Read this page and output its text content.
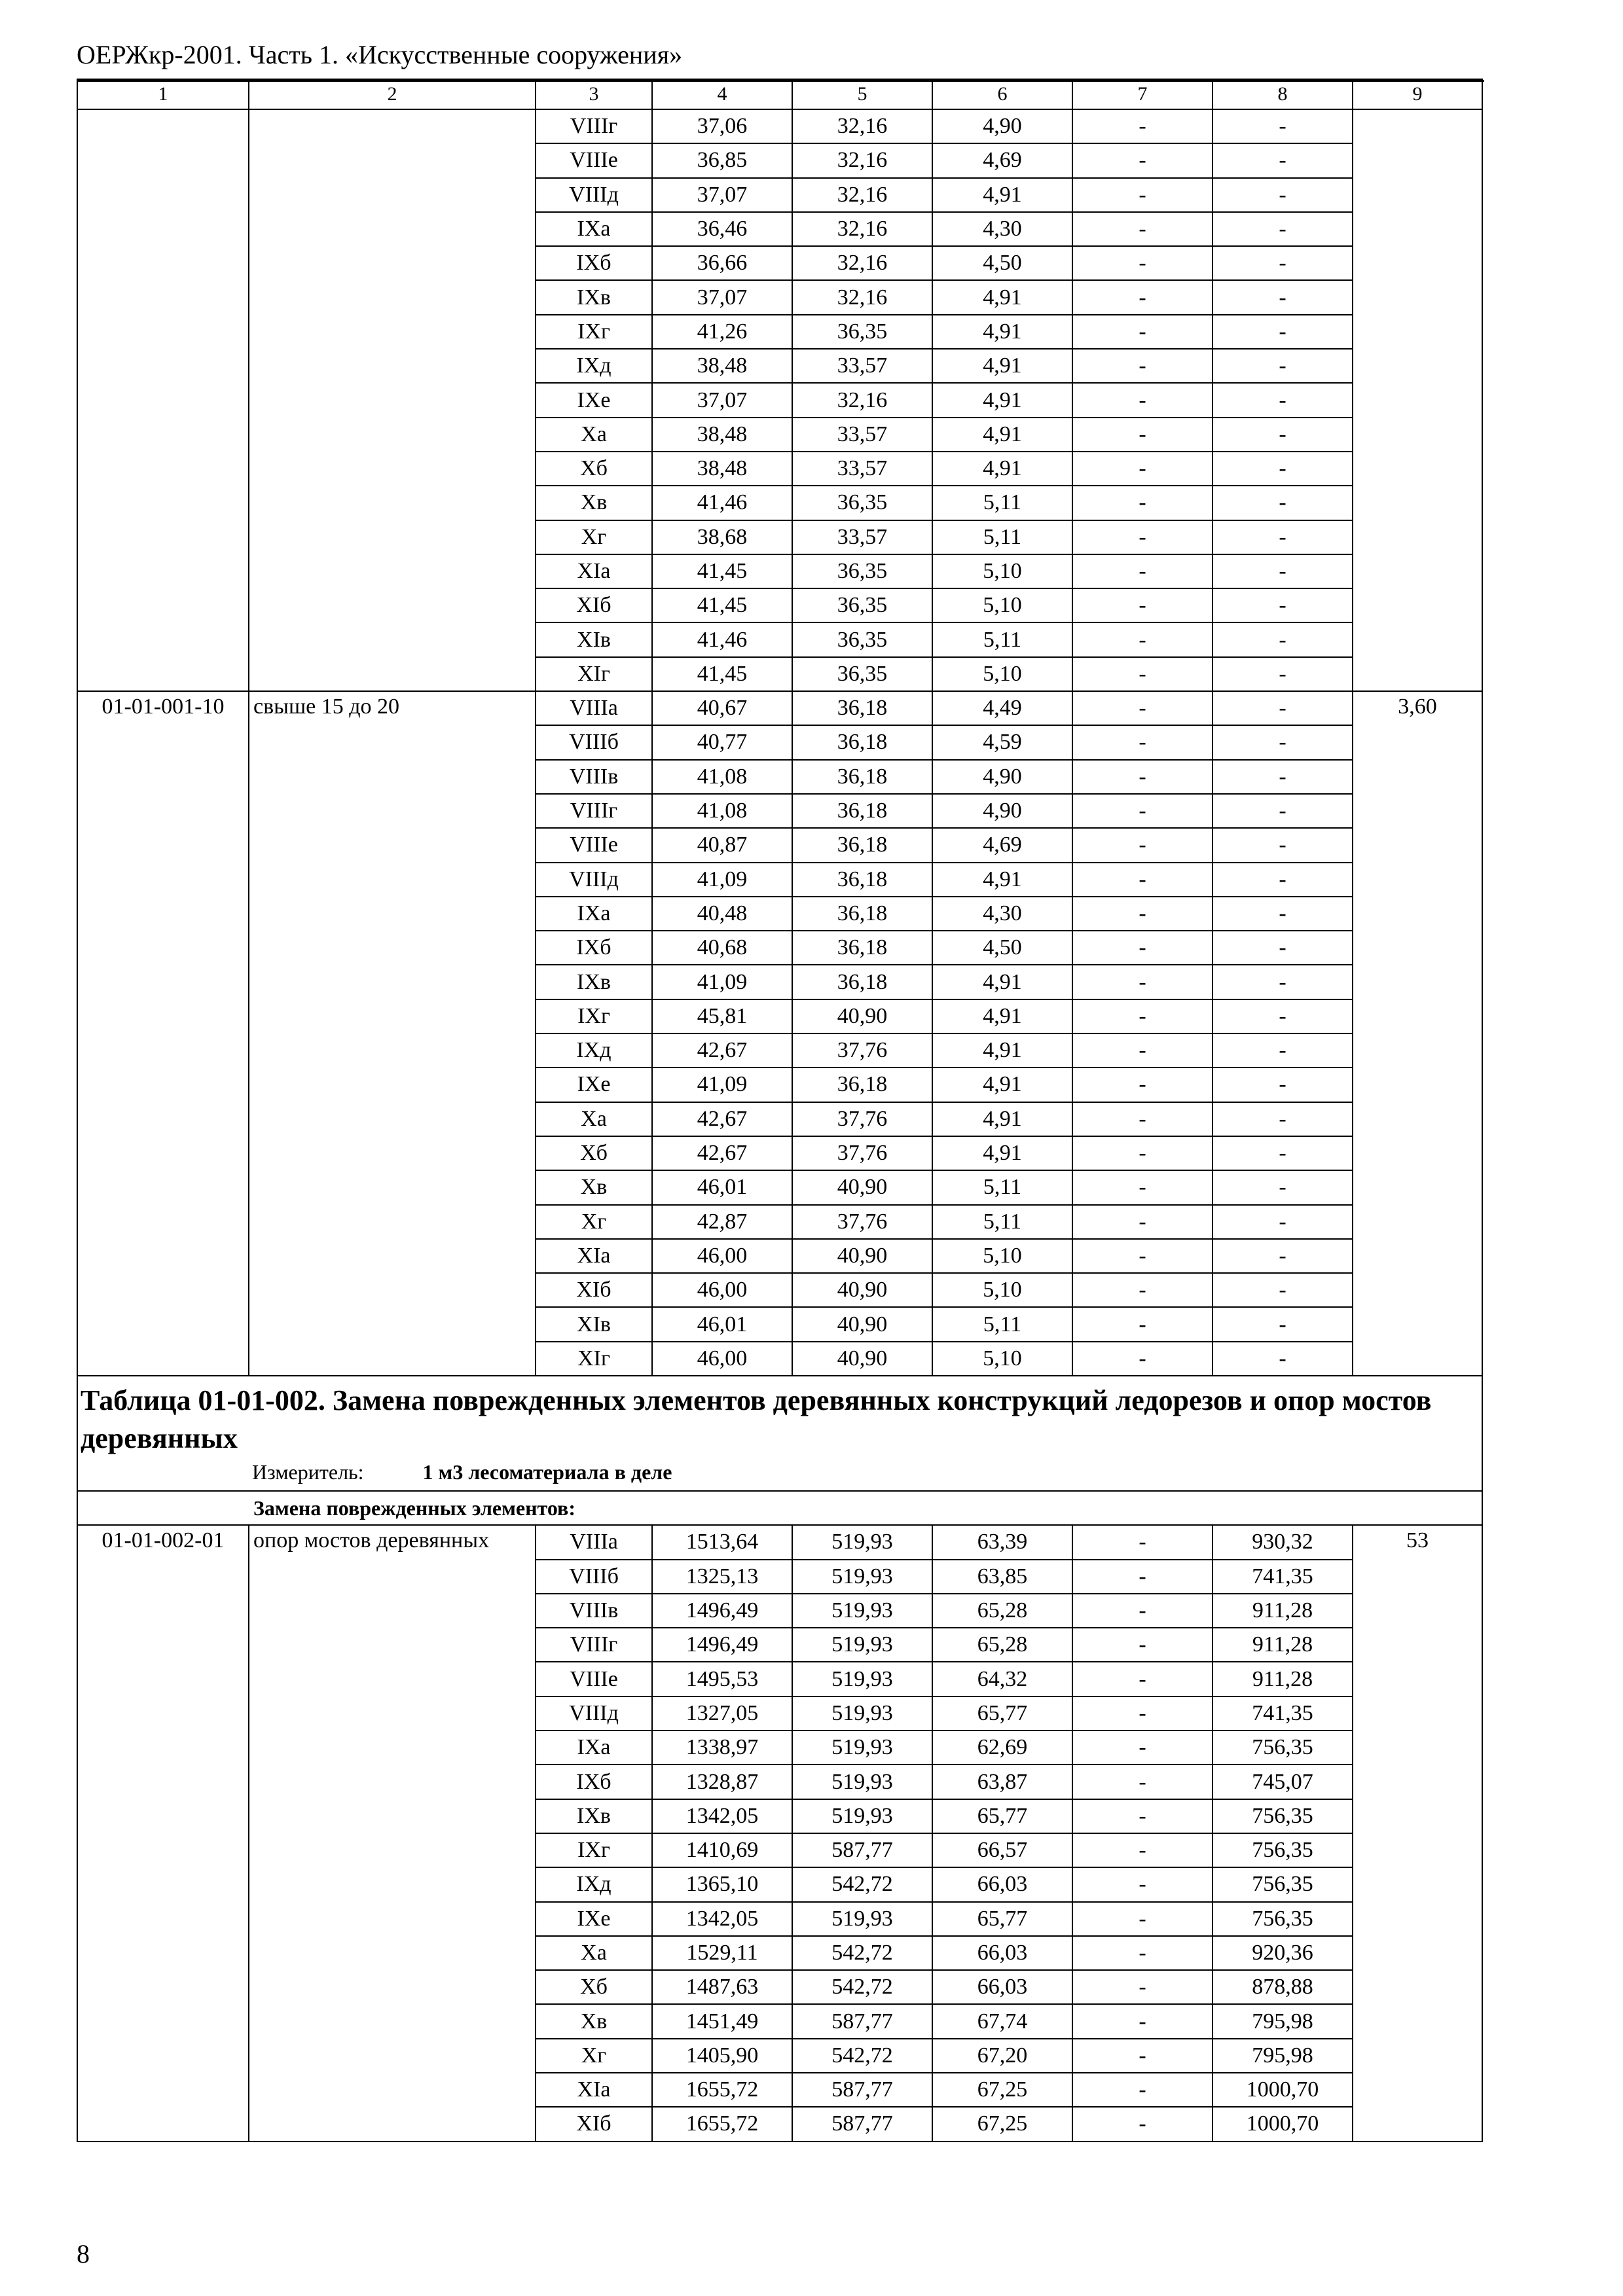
ОЕРЖкр-2001. Часть 1. «Искусственные сооружения»
1	2	3	4	5	6	7	8	9
		VIIIг	37,06	32,16	4,90	-	-	
		VIIIе	36,85	32,16	4,69	-	-	
		VIIIд	37,07	32,16	4,91	-	-	
		IXа	36,46	32,16	4,30	-	-	
		IXб	36,66	32,16	4,50	-	-	
		IXв	37,07	32,16	4,91	-	-	
		IXг	41,26	36,35	4,91	-	-	
		IXд	38,48	33,57	4,91	-	-	
		IXе	37,07	32,16	4,91	-	-	
		Xа	38,48	33,57	4,91	-	-	
		Xб	38,48	33,57	4,91	-	-	
		Xв	41,46	36,35	5,11	-	-	
		Xг	38,68	33,57	5,11	-	-	
		XIа	41,45	36,35	5,10	-	-	
		XIб	41,45	36,35	5,10	-	-	
		XIв	41,46	36,35	5,11	-	-	
		XIг	41,45	36,35	5,10	-	-	
01-01-001-10	свыше 15 до 20	VIIIа	40,67	36,18	4,49	-	-	3,60
		VIIIб	40,77	36,18	4,59	-	-	
		VIIIв	41,08	36,18	4,90	-	-	
		VIIIг	41,08	36,18	4,90	-	-	
		VIIIе	40,87	36,18	4,69	-	-	
		VIIIд	41,09	36,18	4,91	-	-	
		IXа	40,48	36,18	4,30	-	-	
		IXб	40,68	36,18	4,50	-	-	
		IXв	41,09	36,18	4,91	-	-	
		IXг	45,81	40,90	4,91	-	-	
		IXд	42,67	37,76	4,91	-	-	
		IXе	41,09	36,18	4,91	-	-	
		Xа	42,67	37,76	4,91	-	-	
		Xб	42,67	37,76	4,91	-	-	
		Xв	46,01	40,90	5,11	-	-	
		Xг	42,87	37,76	5,11	-	-	
		XIа	46,00	40,90	5,10	-	-	
		XIб	46,00	40,90	5,10	-	-	
		XIв	46,01	40,90	5,11	-	-	
		XIг	46,00	40,90	5,10	-	-	

Таблица 01-01-002. Замена поврежденных элементов деревянных конструкций ледорезов и опор мостов деревянных
Измеритель: 1 м3 лесоматериала в деле								

Замена поврежденных элементов:								
01-01-002-01	опор мостов деревянных	VIIIа	1513,64	519,93	63,39	-	930,32	53
		VIIIб	1325,13	519,93	63,85	-	741,35	
		VIIIв	1496,49	519,93	65,28	-	911,28	
		VIIIг	1496,49	519,93	65,28	-	911,28	
		VIIIе	1495,53	519,93	64,32	-	911,28	
		VIIIд	1327,05	519,93	65,77	-	741,35	
		IXа	1338,97	519,93	62,69	-	756,35	
		IXб	1328,87	519,93	63,87	-	745,07	
		IXв	1342,05	519,93	65,77	-	756,35	
		IXг	1410,69	587,77	66,57	-	756,35	
		IXд	1365,10	542,72	66,03	-	756,35	
		IXе	1342,05	519,93	65,77	-	756,35	
		Xа	1529,11	542,72	66,03	-	920,36	
		Xб	1487,63	542,72	66,03	-	878,88	
		Xв	1451,49	587,77	67,74	-	795,98	
		Xг	1405,90	542,72	67,20	-	795,98	
		XIа	1655,72	587,77	67,25	-	1000,70	
		XIб	1655,72	587,77	67,25	-	1000,70	
8
